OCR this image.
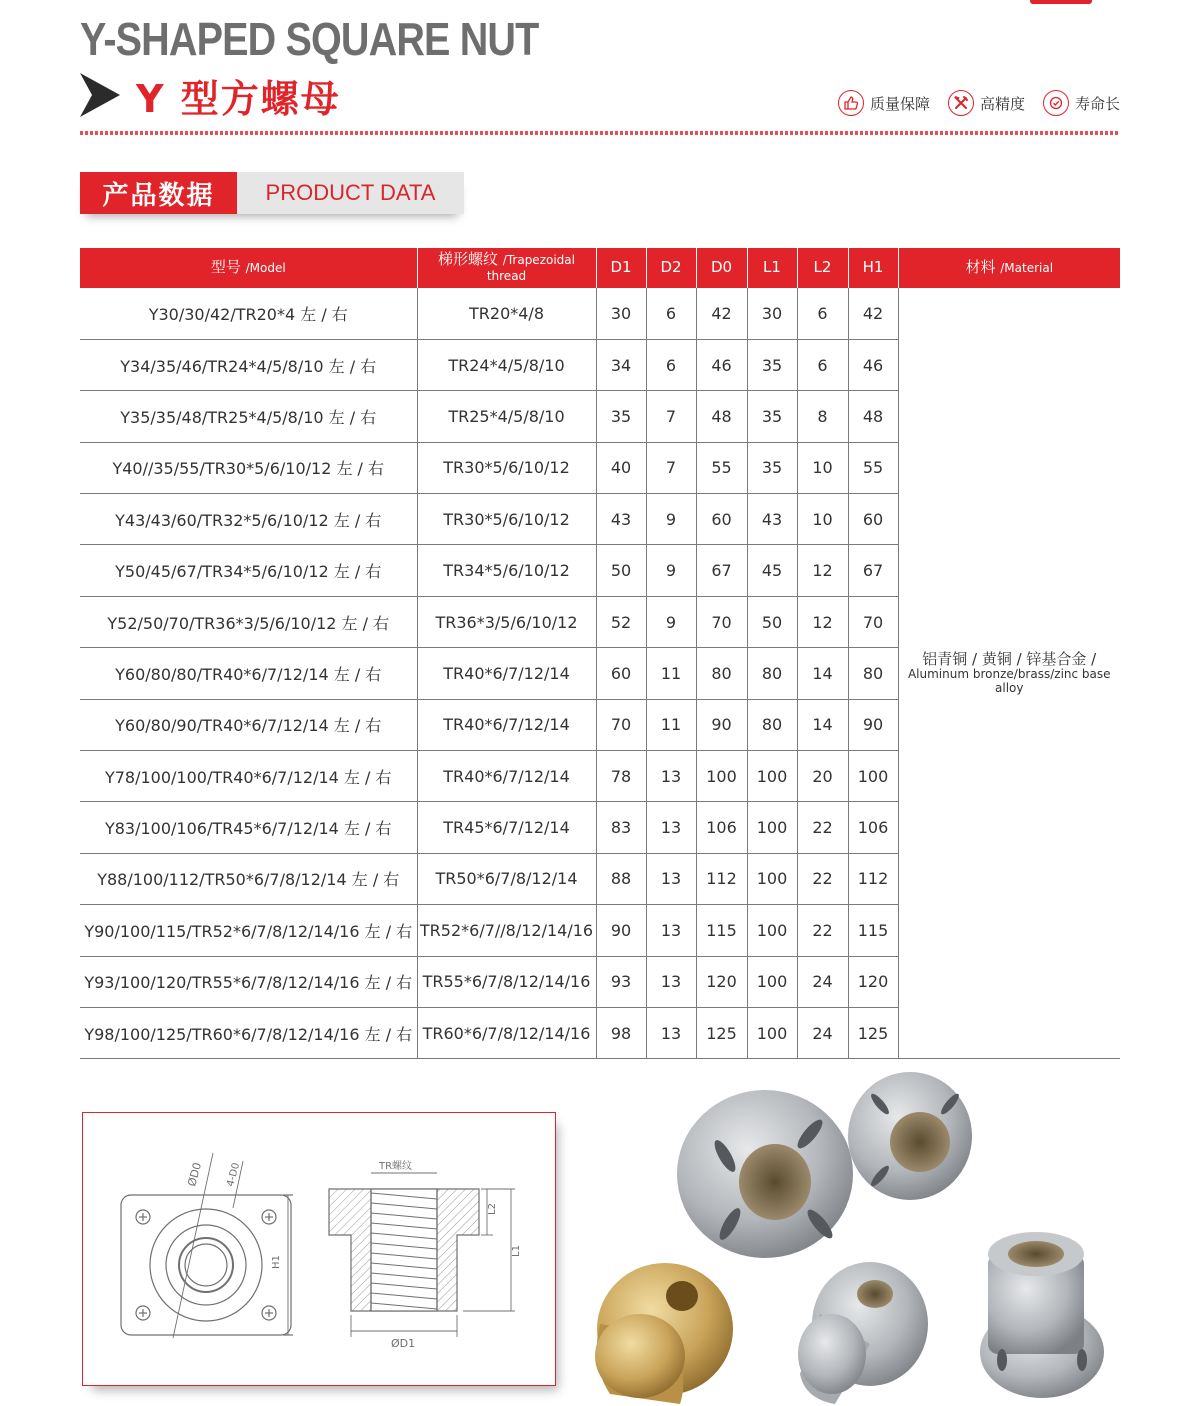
Y-SHAPED SQUARE NUT
Y 型方螺母	质量保障	高精度	寿命长
产品数据	PRODUCT DATA
型号 /Model	梯形螺纹 /Trapezoidal thread	D1	D2	D0	L1	L2	H1	材料 /Material
Y30/30/42/TR20*4 左 / 右	TR20*4/8	30	6	42	30	6	42	铝青铜 / 黄铜 / 锌基合金 /
Aluminum bronze/brass/zinc base alloy

Y34/35/46/TR24*4/5/8/10 左 / 右	TR24*4/5/8/10	34	6	46	35	6	46	
Y35/35/48/TR25*4/5/8/10 左 / 右	TR25*4/5/8/10	35	7	48	35	8	48	
Y40//35/55/TR30*5/6/10/12 左 / 右	TR30*5/6/10/12	40	7	55	35	10	55	
Y43/43/60/TR32*5/6/10/12 左 / 右	TR30*5/6/10/12	43	9	60	43	10	60	
Y50/45/67/TR34*5/6/10/12 左 / 右	TR34*5/6/10/12	50	9	67	45	12	67	
Y52/50/70/TR36*3/5/6/10/12 左 / 右	TR36*3/5/6/10/12	52	9	70	50	12	70	
Y60/80/80/TR40*6/7/12/14 左 / 右	TR40*6/7/12/14	60	11	80	80	14	80	
Y60/80/90/TR40*6/7/12/14 左 / 右	TR40*6/7/12/14	70	11	90	80	14	90	
Y78/100/100/TR40*6/7/12/14 左 / 右	TR40*6/7/12/14	78	13	100	100	20	100	
Y83/100/106/TR45*6/7/12/14 左 / 右	TR45*6/7/12/14	83	13	106	100	22	106	
Y88/100/112/TR50*6/7/8/12/14 左 / 右	TR50*6/7/8/12/14	88	13	112	100	22	112	
Y90/100/115/TR52*6/7/8/12/14/16 左 / 右	TR52*6/7//8/12/14/16	90	13	115	100	22	115	
Y93/100/120/TR55*6/7/8/12/14/16 左 / 右	TR55*6/7/8/12/14/16	93	13	120	100	24	120	
Y98/100/125/TR60*6/7/8/12/14/16 左 / 右	TR60*6/7/8/12/14/16	98	13	125	100	24	125	
ØD0 4-D0
H1
TR螺纹
L2
L1
ØD1
